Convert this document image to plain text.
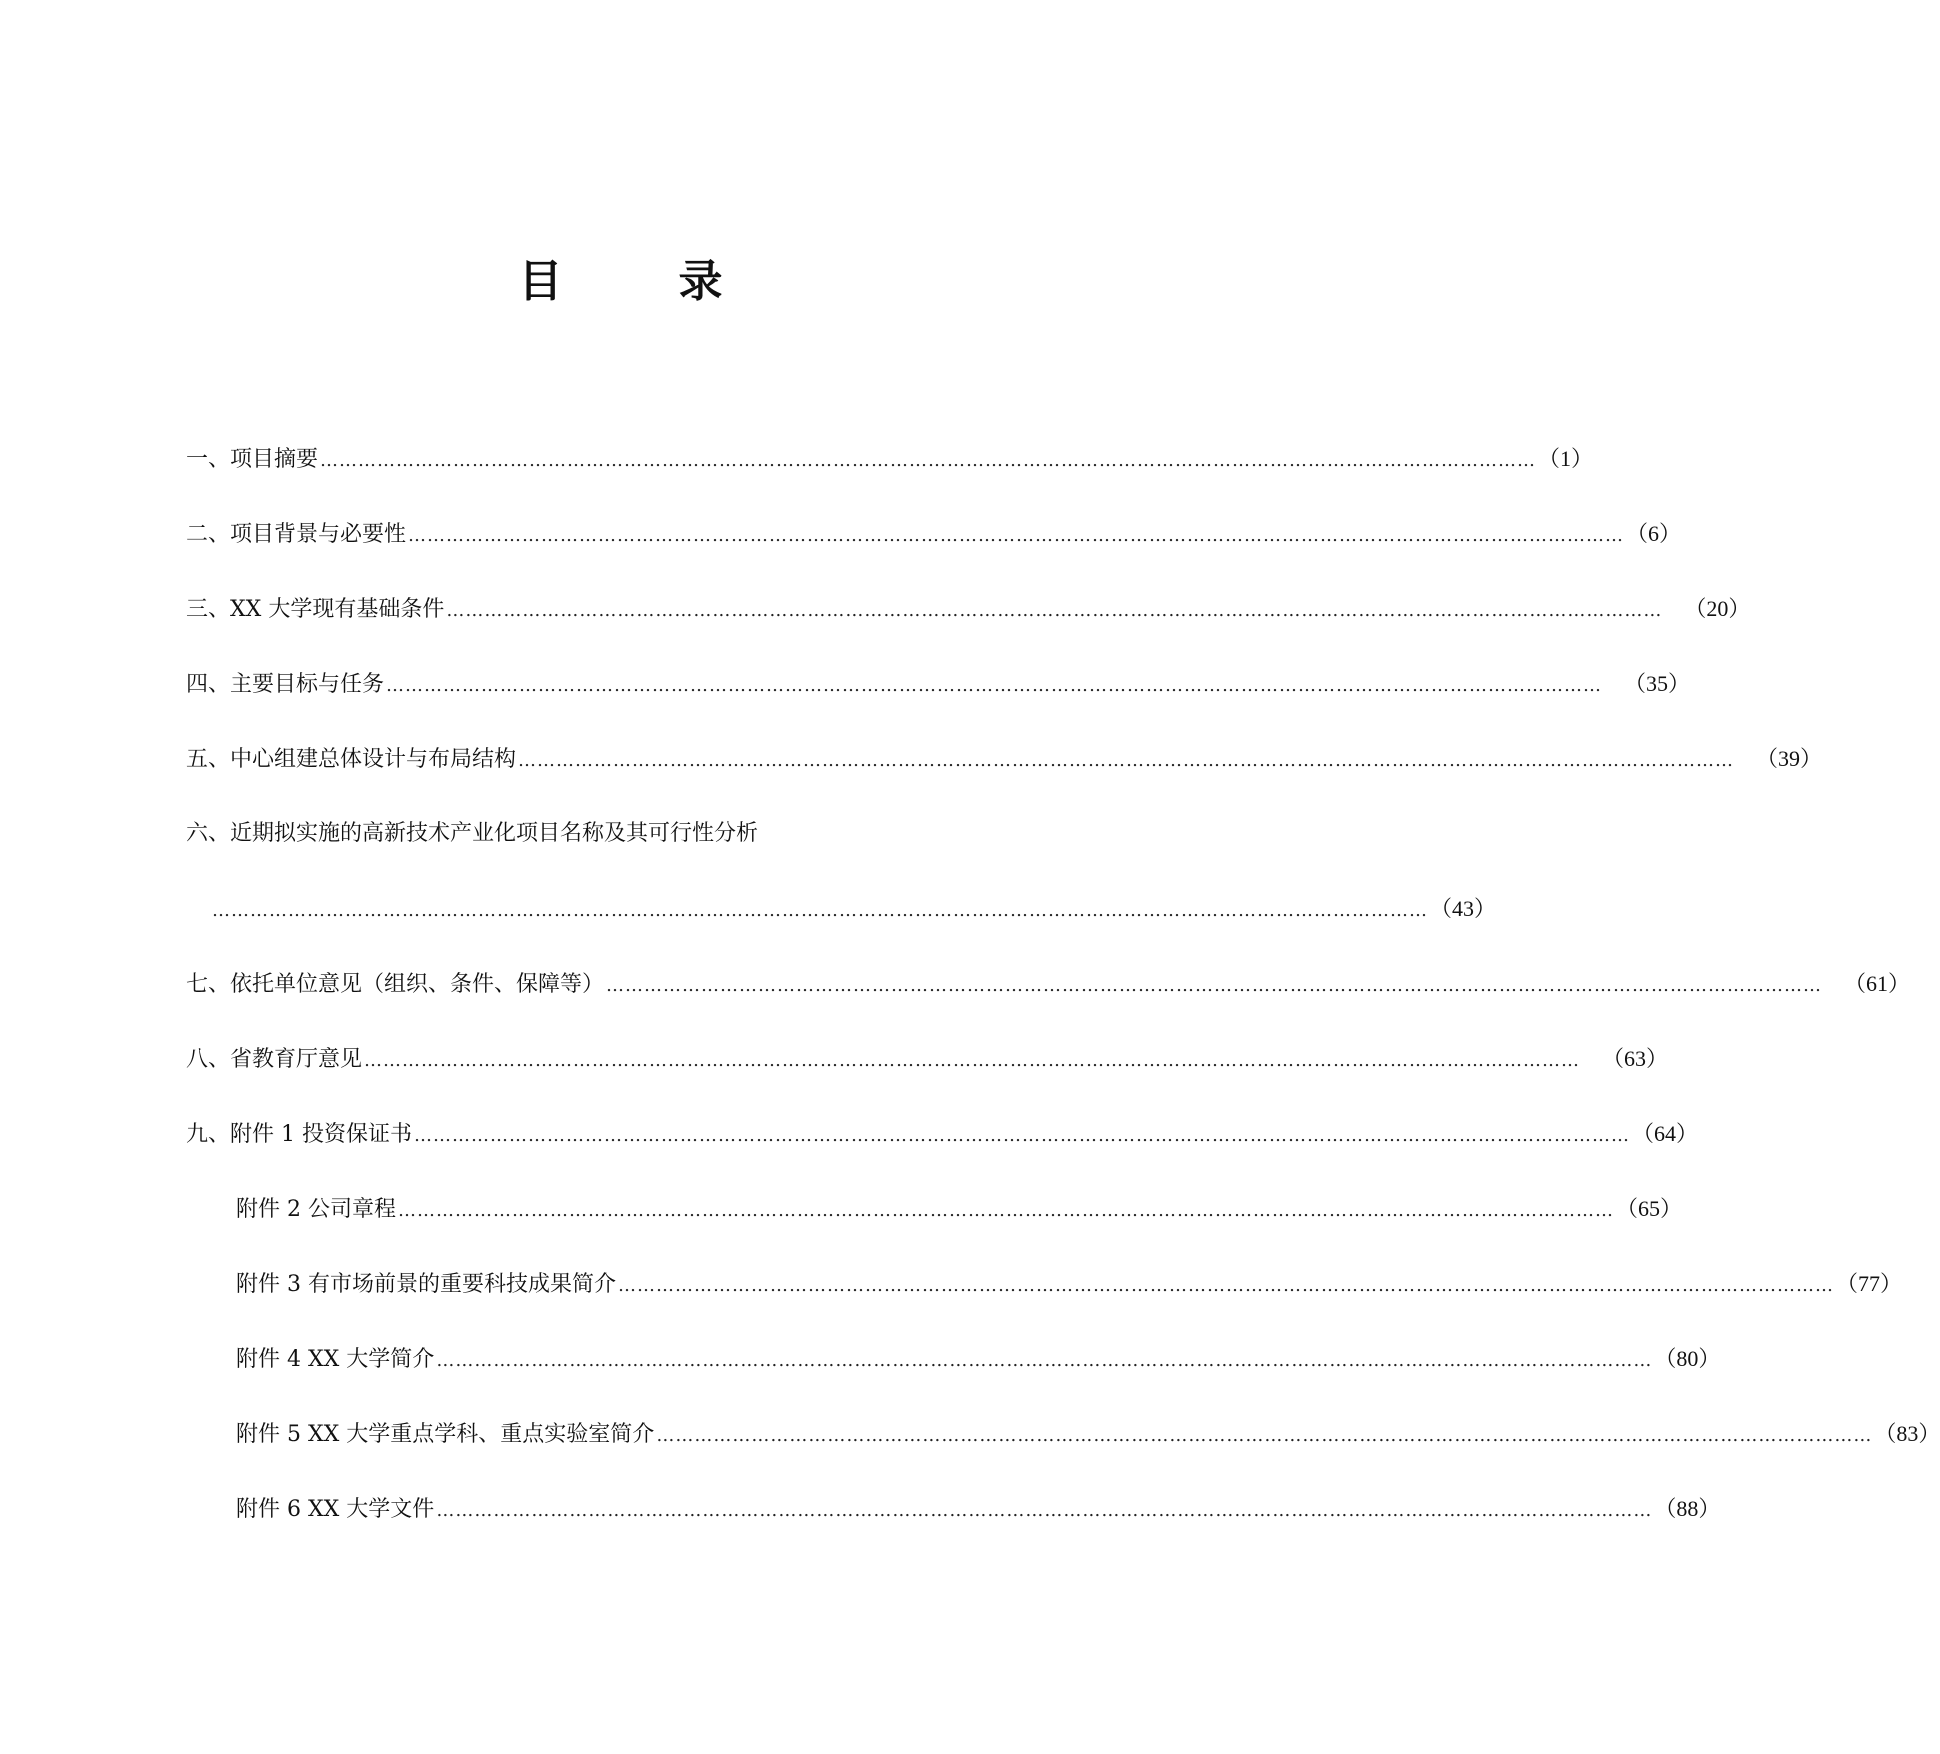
目　录
一、项目摘要 ………………………………………………………………………………………………………………………………………………………………………… （1）
二、项目背景与必要性 ………………………………………………………………………………………………………………………………………………………………………… （6）
三、XX 大学现有基础条件 ………………………………………………………………………………………………………………………………………………………………………… （20）
四、主要目标与任务 ………………………………………………………………………………………………………………………………………………………………………… （35）
五、中心组建总体设计与布局结构 ………………………………………………………………………………………………………………………………………………………………………… （39）
六、近期拟实施的高新技术产业化项目名称及其可行性分析
………………………………………………………………………………………………………………………………………………………………………… （43）
七、依托单位意见（组织、条件、保障等） ………………………………………………………………………………………………………………………………………………………………………… （61）
八、省教育厅意见 ………………………………………………………………………………………………………………………………………………………………………… （63）
九、附件 1 投资保证书 ………………………………………………………………………………………………………………………………………………………………………… （64）
附件 2 公司章程 ………………………………………………………………………………………………………………………………………………………………………… （65）
附件 3 有市场前景的重要科技成果简介 ………………………………………………………………………………………………………………………………………………………………………… （77）
附件 4 XX 大学简介 ………………………………………………………………………………………………………………………………………………………………………… （80）
附件 5 XX 大学重点学科、重点实验室简介 ………………………………………………………………………………………………………………………………………………………………………… （83）
附件 6 XX 大学文件 ………………………………………………………………………………………………………………………………………………………………………… （88）
